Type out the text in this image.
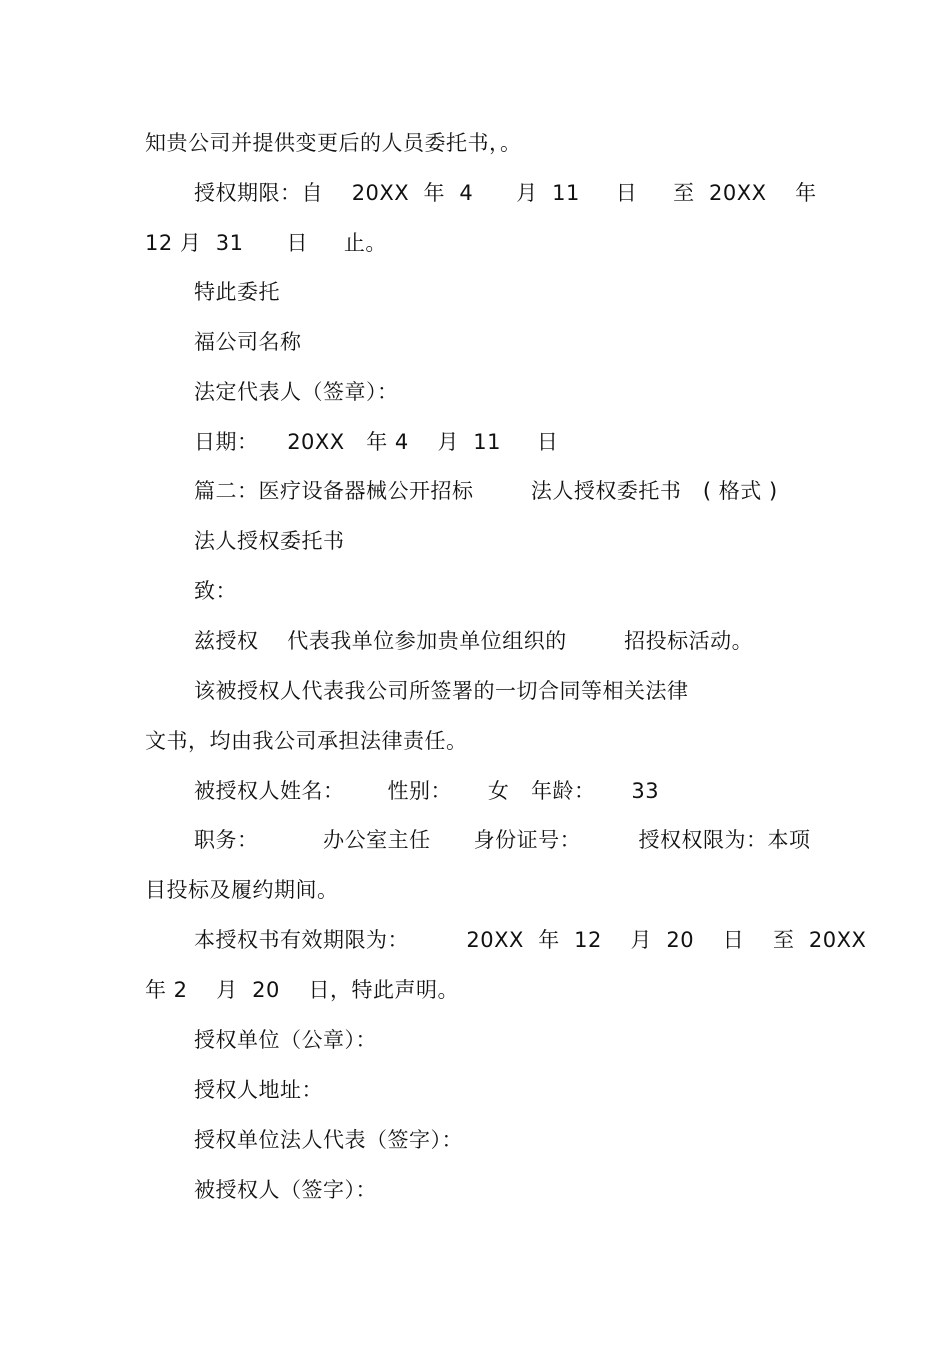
知贵公司并提供变更后的人员委托书，。
授权期限：自    20XX  年  4      月  11     日     至  20XX    年
12 月  31      日     止。
特此委托
福公司名称
法定代表人（签章）：
日期：    20XX   年 4    月  11     日
篇二：医疗设备器械公开招标        法人授权委托书   ( 格式 )
法人授权委托书
致：
兹授权    代表我单位参加贵单位组织的        招投标活动。
该被授权人代表我公司所签署的一切合同等相关法律
文书，均由我公司承担法律责任。
被授权人姓名：      性别：     女   年龄：     33
职务：         办公室主任      身份证号：        授权权限为：本项
目投标及履约期间。
本授权书有效期限为：        20XX  年  12    月  20    日    至  20XX
年 2    月  20    日，特此声明。
授权单位（公章）：
授权人地址：
授权单位法人代表（签字）：
被授权人（签字）：
